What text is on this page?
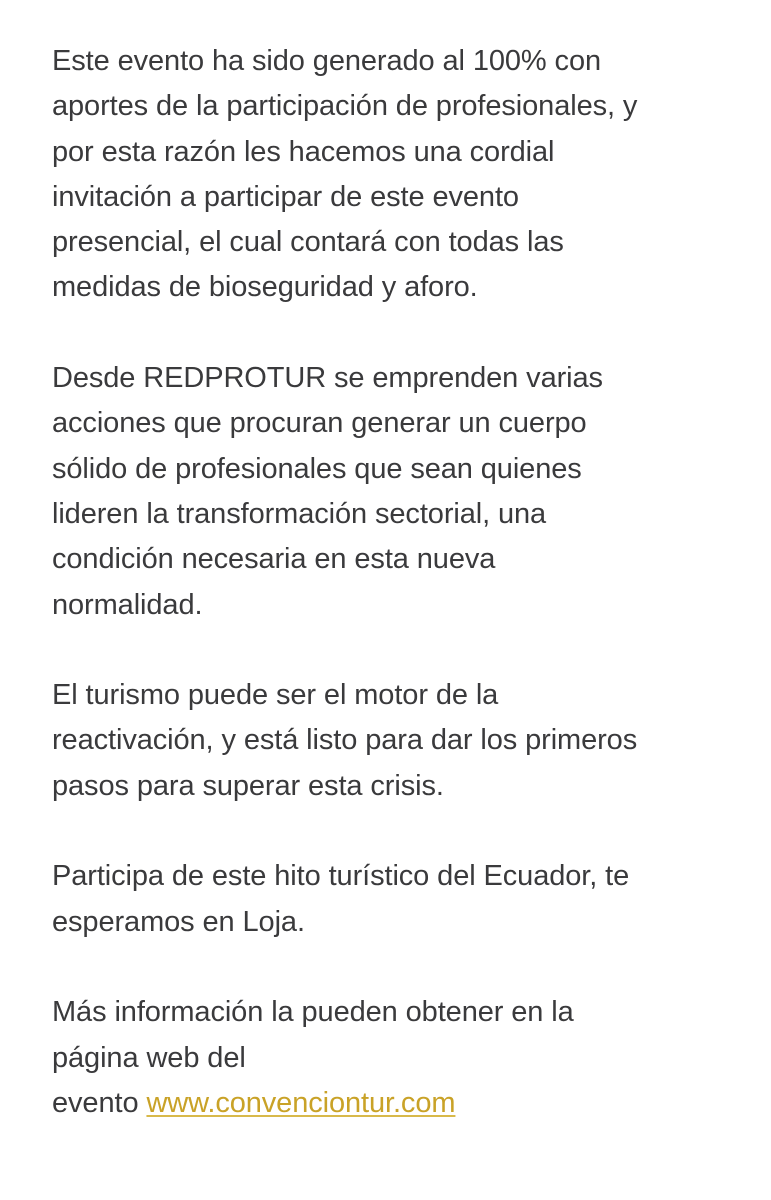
Este evento ha sido generado al 100% con
aportes de la participación de profesionales, y
por esta razón les hacemos una cordial
invitación a participar de este evento
presencial, el cual contará con todas las
medidas de bioseguridad y aforo.

Desde REDPROTUR se emprenden varias
acciones que procuran generar un cuerpo
sólido de profesionales que sean quienes
lideren la transformación sectorial, una
condición necesaria en esta nueva
normalidad.

El turismo puede ser el motor de la
reactivación, y está listo para dar los primeros
pasos para superar esta crisis.

Participa de este hito turístico del Ecuador, te
esperamos en Loja.

Más información la pueden obtener en la
página web del
evento www.convenciontur.com
